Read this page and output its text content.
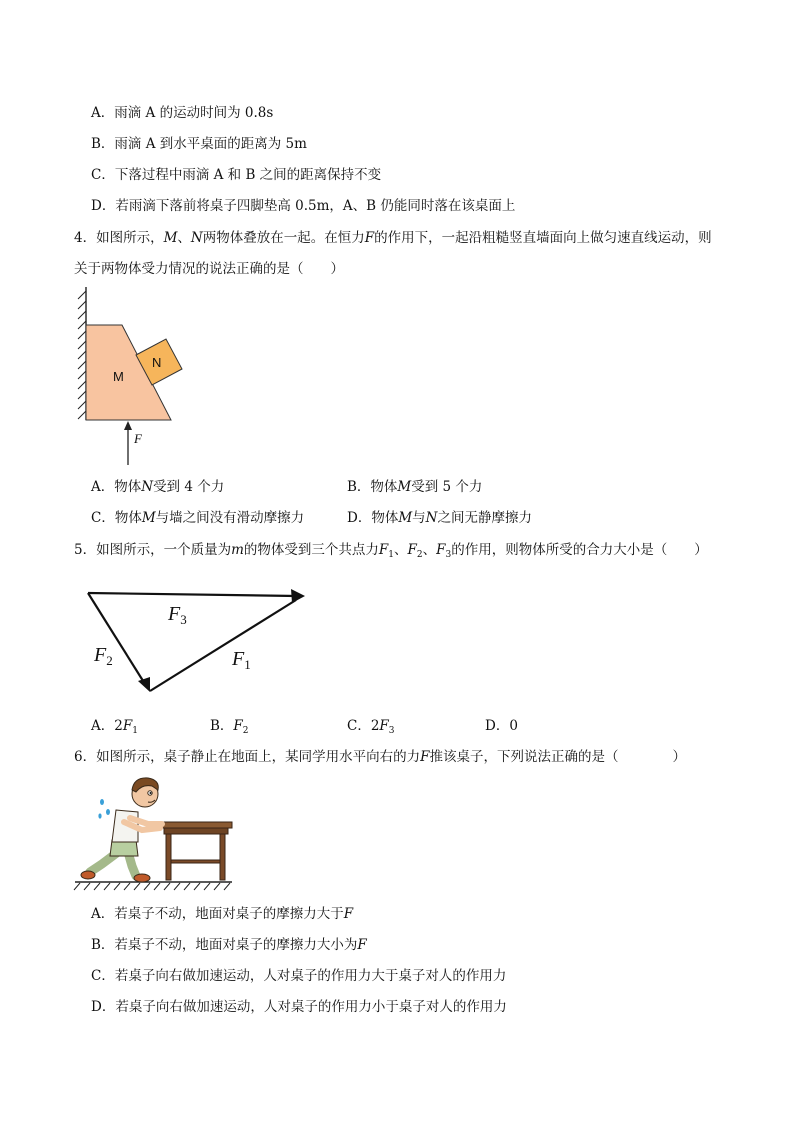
A．雨滴 A 的运动时间为 0.8s
B．雨滴 A 到水平桌面的距离为 5m
C．下落过程中雨滴 A 和 B 之间的距离保持不变
D．若雨滴下落前将桌子四脚垫高 0.5m，A、B 仍能同时落在该桌面上
4．如图所示，M、N两物体叠放在一起。在恒力F的作用下，一起沿粗糙竖直墙面向上做匀速直线运动，则
关于两物体受力情况的说法正确的是（　　）
M
N
F
A．物体N受到 4 个力	B．物体M受到 5 个力
C．物体M与墙之间没有滑动摩擦力	D．物体M与N之间无静摩擦力
5．如图所示，一个质量为m的物体受到三个共点力$F_1$、$F_2$、$F_3$的作用，则物体所受的合力大小是（　　）
$F_3$
$F_2$	$F_1$
A．$2F_1$	B．$F_2$	C．$2F_3$	D．0
6．如图所示，桌子静止在地面上，某同学用水平向右的力F推该桌子，下列说法正确的是（　　　　）
A．若桌子不动，地面对桌子的摩擦力大于F
B．若桌子不动，地面对桌子的摩擦力大小为F
C．若桌子向右做加速运动，人对桌子的作用力大于桌子对人的作用力
D．若桌子向右做加速运动，人对桌子的作用力小于桌子对人的作用力
